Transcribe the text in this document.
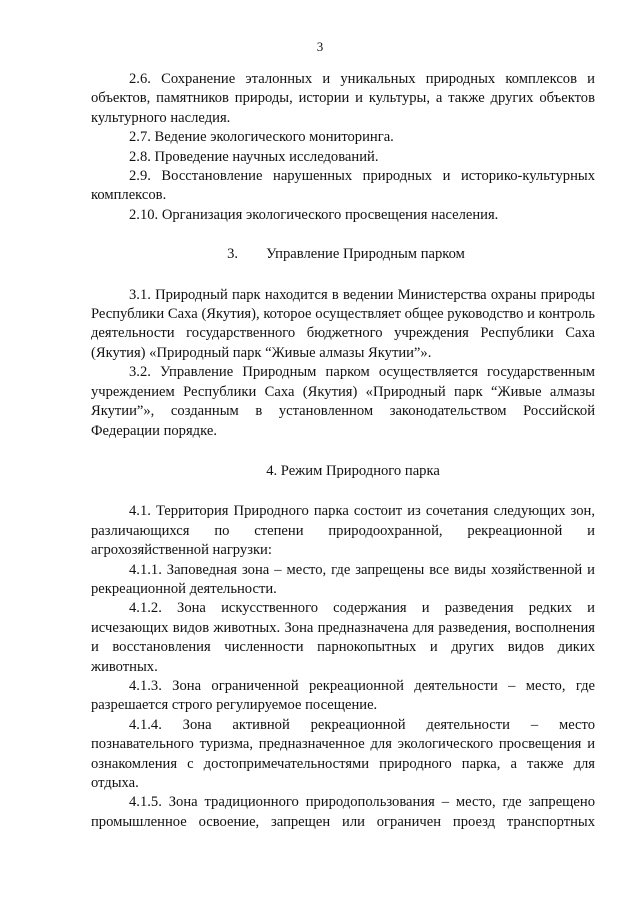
3

2.6. Сохранение эталонных и уникальных природных комплексов и объектов, памятников природы, истории и культуры, а также других объектов культурного наследия.

2.7. Ведение экологического мониторинга.

2.8. Проведение научных исследований.

2.9. Восстановление нарушенных природных и историко-культурных комплексов.

2.10. Организация экологического просвещения населения.

3. Управление Природным парком

3.1. Природный парк находится в ведении Министерства охраны природы Республики Саха (Якутия), которое осуществляет общее руководство и контроль деятельности государственного бюджетного учреждения Республики Саха (Якутия) «Природный парк “Живые алмазы Якутии”».

3.2. Управление Природным парком осуществляется государственным учреждением Республики Саха (Якутия) «Природный парк “Живые алмазы Якутии”», созданным в установленном законодательством Российской Федерации порядке.

4. Режим Природного парка

4.1. Территория Природного парка состоит из сочетания следующих зон, различающихся по степени природоохранной, рекреационной и агрохозяйственной нагрузки:

4.1.1. Заповедная зона – место, где запрещены все виды хозяйственной и рекреационной деятельности.

4.1.2. Зона искусственного содержания и разведения редких и исчезающих видов животных. Зона предназначена для разведения, восполнения и восстановления численности парнокопытных и других видов диких животных.

4.1.3. Зона ограниченной рекреационной деятельности – место, где разрешается строго регулируемое посещение.

4.1.4. Зона активной рекреационной деятельности – место познавательного туризма, предназначенное для экологического просвещения и ознакомления с достопримечательностями природного парка, а также для отдыха.

4.1.5. Зона традиционного природопользования – место, где запрещено промышленное освоение, запрещен или ограничен проезд транспортных
